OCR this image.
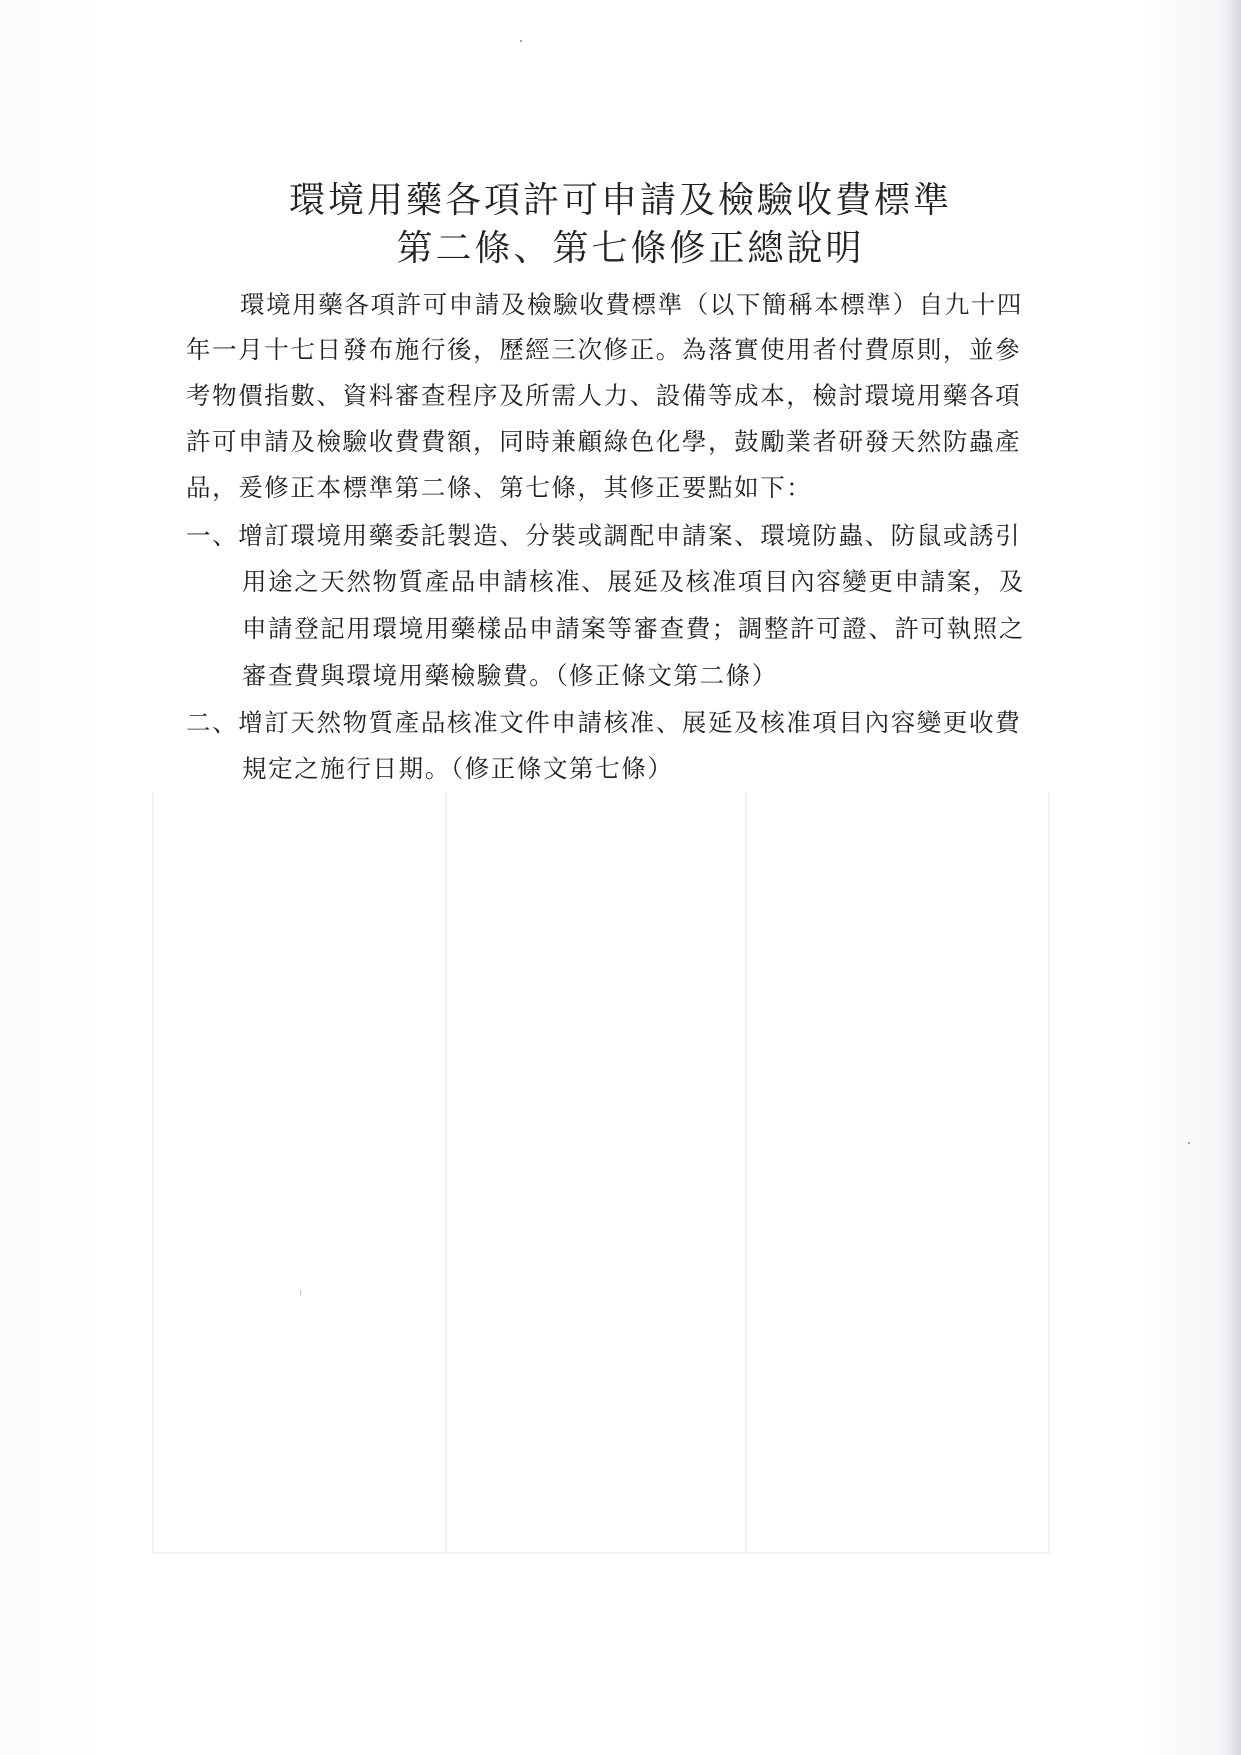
環境用藥各項許可申請及檢驗收費標準
第二條、第七條修正總說明
環境用藥各項許可申請及檢驗收費標準（以下簡稱本標準）自九十四
年一月十七日發布施行後，歷經三次修正。為落實使用者付費原則，並參
考物價指數、資料審查程序及所需人力、設備等成本，檢討環境用藥各項
許可申請及檢驗收費費額，同時兼顧綠色化學，鼓勵業者研發天然防蟲產
品，爰修正本標準第二條、第七條，其修正要點如下：
一、增訂環境用藥委託製造、分裝或調配申請案、環境防蟲、防鼠或誘引
用途之天然物質產品申請核准、展延及核准項目內容變更申請案，及
申請登記用環境用藥樣品申請案等審查費；調整許可證、許可執照之
審查費與環境用藥檢驗費。（修正條文第二條）
二、增訂天然物質產品核准文件申請核准、展延及核准項目內容變更收費
規定之施行日期。（修正條文第七條）
